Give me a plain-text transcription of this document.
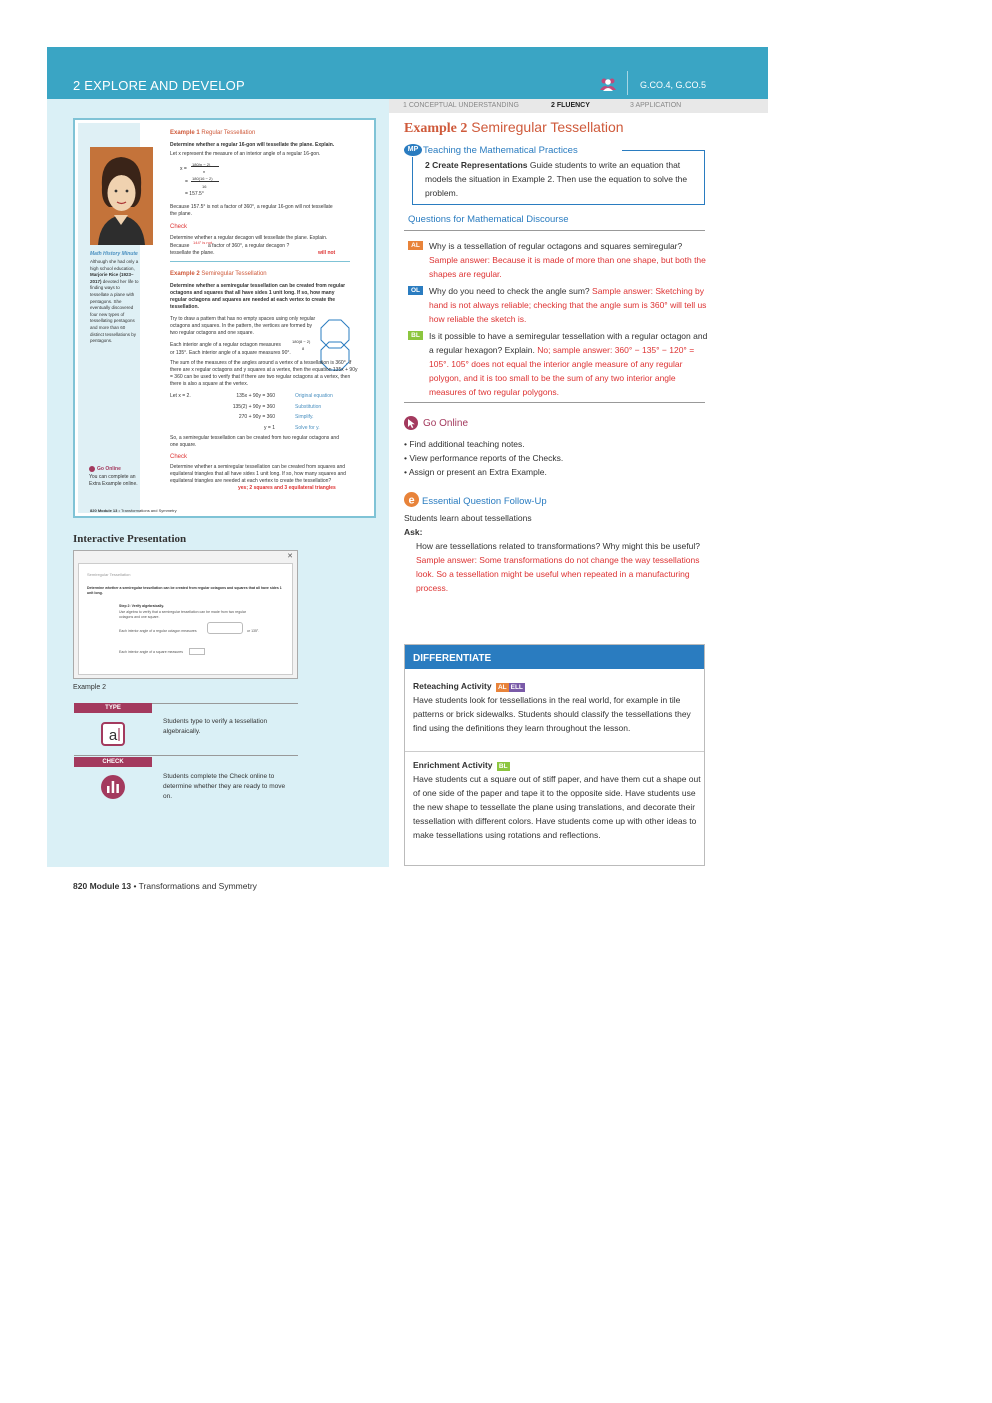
2 EXPLORE AND DEVELOP	G.CO.4, G.CO.5
1 CONCEPTUAL UNDERSTANDING	2 FLUENCY	3 APPLICATION
Math History Minute
Although she had only a high school education, Marjorie Rice (1923–2017) devoted her life to finding ways to tessellate a plane with pentagons. She eventually discovered four new types of tessellating pentagons and more than 60 distinct tessellations by pentagons.
Example 1 Regular Tessellation
Determine whether a regular 16-gon will tessellate the plane. Explain.
Let x represent the measure of an interior angle of a regular 16-gon.
x =
180(n − 2)
n
=
180(16 − 2)
16
= 157.5°
Because 157.5° is not a factor of 360°, a regular 16-gon will not tessellate the plane.
Check
Determine whether a regular decagon will tessellate the plane. Explain.
Because
144° is not
a factor of 360°, a regular decagon ?
tessellate the plane.	will not
Example 2 Semiregular Tessellation
Determine whether a semiregular tessellation can be created from regular octagons and squares that all have sides 1 unit long. If so, how many regular octagons and squares are needed at each vertex to create the tessellation.
Try to draw a pattern that has no empty spaces using only regular octagons and squares. In the pattern, the vertices are formed by two regular octagons and one square.
Each interior angle of a regular octagon measures
180(8 − 2)
8
or 135°. Each interior angle of a square measures 90°.
The sum of the measures of the angles around a vertex of a tessellation is 360°. If there are x regular octagons and y squares at a vertex, then the equation 135x + 90y = 360 can be used to verify that if there are two regular octagons at a vertex, then there is also a square at the vertex.
Let x = 2.	135x + 90y = 360	Original equation
135(2) + 90y = 360	Substitution
270 + 90y = 360	Simplify.
y = 1	Solve for y.
So, a semiregular tessellation can be created from two regular octagons and one square.
Check
Determine whether a semiregular tessellation can be created from squares and equilateral triangles that all have sides 1 unit long. If so, how many squares and equilateral triangles are needed at each vertex to create the tessellation?
yes; 2 squares and 3 equilateral triangles
Go Online
You can complete an Extra Example online.
820 Module 13 • Transformations and Symmetry
Interactive Presentation
✕
Semiregular Tessellation
Determine whether a semiregular tessellation can be created from regular octagons and squares that all have sides 1 unit long.
Step 2: Verify algebraically.
Use algebra to verify that a semiregular tessellation can be made from two regular octagons and one square.
Each interior angle of a regular octagon measures	or 135°.
Each interior angle of a square measures
Example 2
TYPE
a
Students type to verify a tessellation algebraically.
CHECK
Students complete the Check online to determine whether they are ready to move on.
Example 2 Semiregular Tessellation
2 Create Representations Guide students to write an equation that models the situation in Example 2. Then use the equation to solve the problem.
MP Teaching the Mathematical Practices
Questions for Mathematical Discourse
AL	Why is a tessellation of regular octagons and squares semiregular? Sample answer: Because it is made of more than one shape, but both the shapes are regular.
OL	Why do you need to check the angle sum? Sample answer: Sketching by hand is not always reliable; checking that the angle sum is 360° will tell us how reliable the sketch is.
BL	Is it possible to have a semiregular tessellation with a regular octagon and a regular hexagon? Explain. No; sample answer: 360° − 135° − 120° = 105°. 105° does not equal the interior angle measure of any regular polygon, and it is too small to be the sum of any two interior angle measures of two regular polygons.
Go Online
• Find additional teaching notes.
• View performance reports of the Checks.
• Assign or present an Extra Example.
e Essential Question Follow-Up
Students learn about tessellations
Ask:
How are tessellations related to transformations? Why might this be useful? Sample answer: Some transformations do not change the way tessellations look. So a tessellation might be useful when repeated in a manufacturing process.
DIFFERENTIATE
Reteaching Activity AL ELL
Have students look for tessellations in the real world, for example in tile patterns or brick sidewalks. Students should classify the tessellations they find using the definitions they learn throughout the lesson.
Enrichment Activity BL
Have students cut a square out of stiff paper, and have them cut a shape out of one side of the paper and tape it to the opposite side. Have students use the new shape to tessellate the plane using translations, and decorate their tessellation with different colors. Have students come up with other ideas to make tessellations using rotations and reflections.
820 Module 13 • Transformations and Symmetry
